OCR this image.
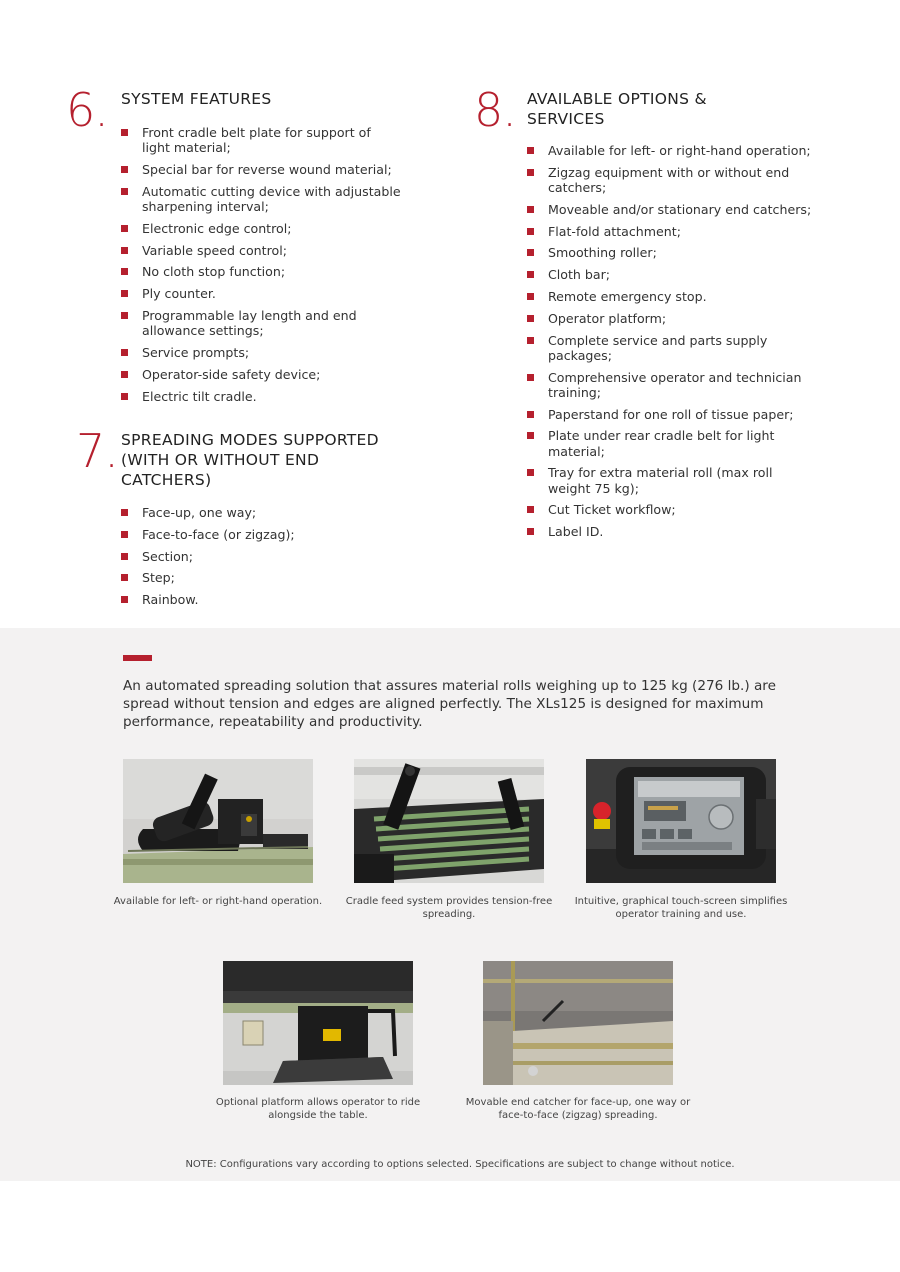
6. SYSTEM FEATURES
Front cradle belt plate for support of light material;
Special bar for reverse wound material;
Automatic cutting device with adjustable sharpening interval;
Electronic edge control;
Variable speed control;
No cloth stop function;
Ply counter.
Programmable lay length and end allowance settings;
Service prompts;
Operator-side safety device;
Electric tilt cradle.
7. SPREADING MODES SUPPORTED (WITH OR WITHOUT END CATCHERS)
Face-up, one way;
Face-to-face (or zigzag);
Section;
Step;
Rainbow.
8. AVAILABLE OPTIONS & SERVICES
Available for left- or right-hand operation;
Zigzag equipment with or without end catchers;
Moveable and/or stationary end catchers;
Flat-fold attachment;
Smoothing roller;
Cloth bar;
Remote emergency stop.
Operator platform;
Complete service and parts supply packages;
Comprehensive operator and technician training;
Paperstand for one roll of tissue paper;
Plate under rear cradle belt for light material;
Tray for extra material roll (max roll weight 75 kg);
Cut Ticket workflow;
Label ID.
An automated spreading solution that assures material rolls weighing up to 125 kg (276 lb.) are spread without tension and edges are aligned perfectly. The XLs125 is designed for maximum performance, repeatability and productivity.
Available for left- or right-hand operation.	Cradle feed system provides tension-free spreading.
Intuitive, graphical touch-screen simplifies operator training and use.
Optional platform allows operator to ride alongside the table.
Movable end catcher for face-up, one way or face-to-face (zigzag) spreading.
NOTE: Configurations vary according to options selected. Specifications are subject to change without notice.
